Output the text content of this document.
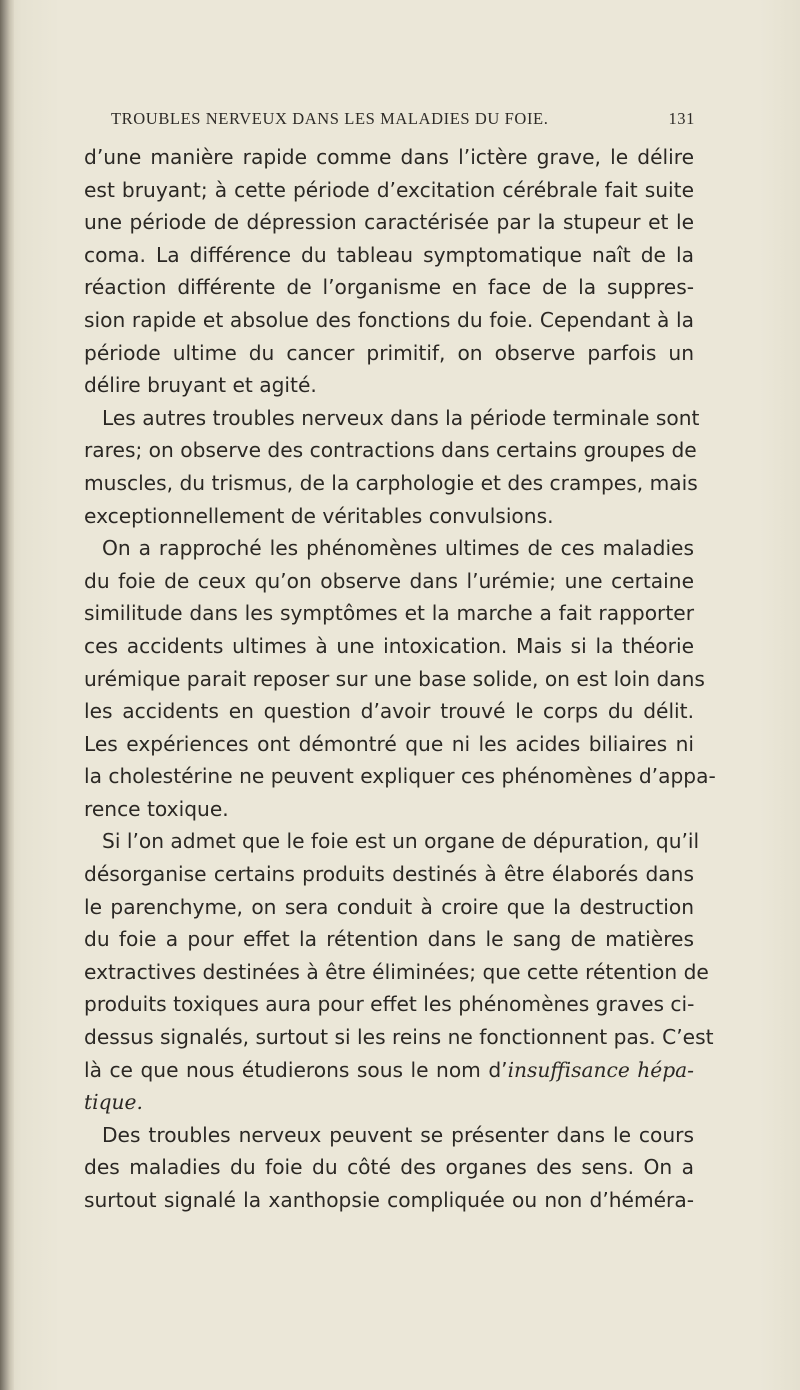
TROUBLES NERVEUX DANS LES MALADIES DU FOIE.	131
d’une manière rapide comme dans l’ictère grave, le délire
est bruyant; à cette période d’excitation cérébrale fait suite
une période de dépression caractérisée par la stupeur et le
coma. La différence du tableau symptomatique naît de la
réaction différente de l’organisme en face de la suppres-
sion rapide et absolue des fonctions du foie. Cependant à la
période ultime du cancer primitif, on observe parfois un
délire bruyant et agité.
Les autres troubles nerveux dans la période terminale sont
rares; on observe des contractions dans certains groupes de
muscles, du trismus, de la carphologie et des crampes, mais
exceptionnellement de véritables convulsions.
On a rapproché les phénomènes ultimes de ces maladies
du foie de ceux qu’on observe dans l’urémie; une certaine
similitude dans les symptômes et la marche a fait rapporter
ces accidents ultimes à une intoxication. Mais si la théorie
urémique parait reposer sur une base solide, on est loin dans
les accidents en question d’avoir trouvé le corps du délit.
Les expériences ont démontré que ni les acides biliaires ni
la cholestérine ne peuvent expliquer ces phénomènes d’appa-
rence toxique.
Si l’on admet que le foie est un organe de dépuration, qu’il
désorganise certains produits destinés à être élaborés dans
le parenchyme, on sera conduit à croire que la destruction
du foie a pour effet la rétention dans le sang de matières
extractives destinées à être éliminées; que cette rétention de
produits toxiques aura pour effet les phénomènes graves ci-
dessus signalés, surtout si les reins ne fonctionnent pas. C’est
là ce que nous étudierons sous le nom d’insuffisance hépa-
tique.
Des troubles nerveux peuvent se présenter dans le cours
des maladies du foie du côté des organes des sens. On a
surtout signalé la xanthopsie compliquée ou non d’héméra-
